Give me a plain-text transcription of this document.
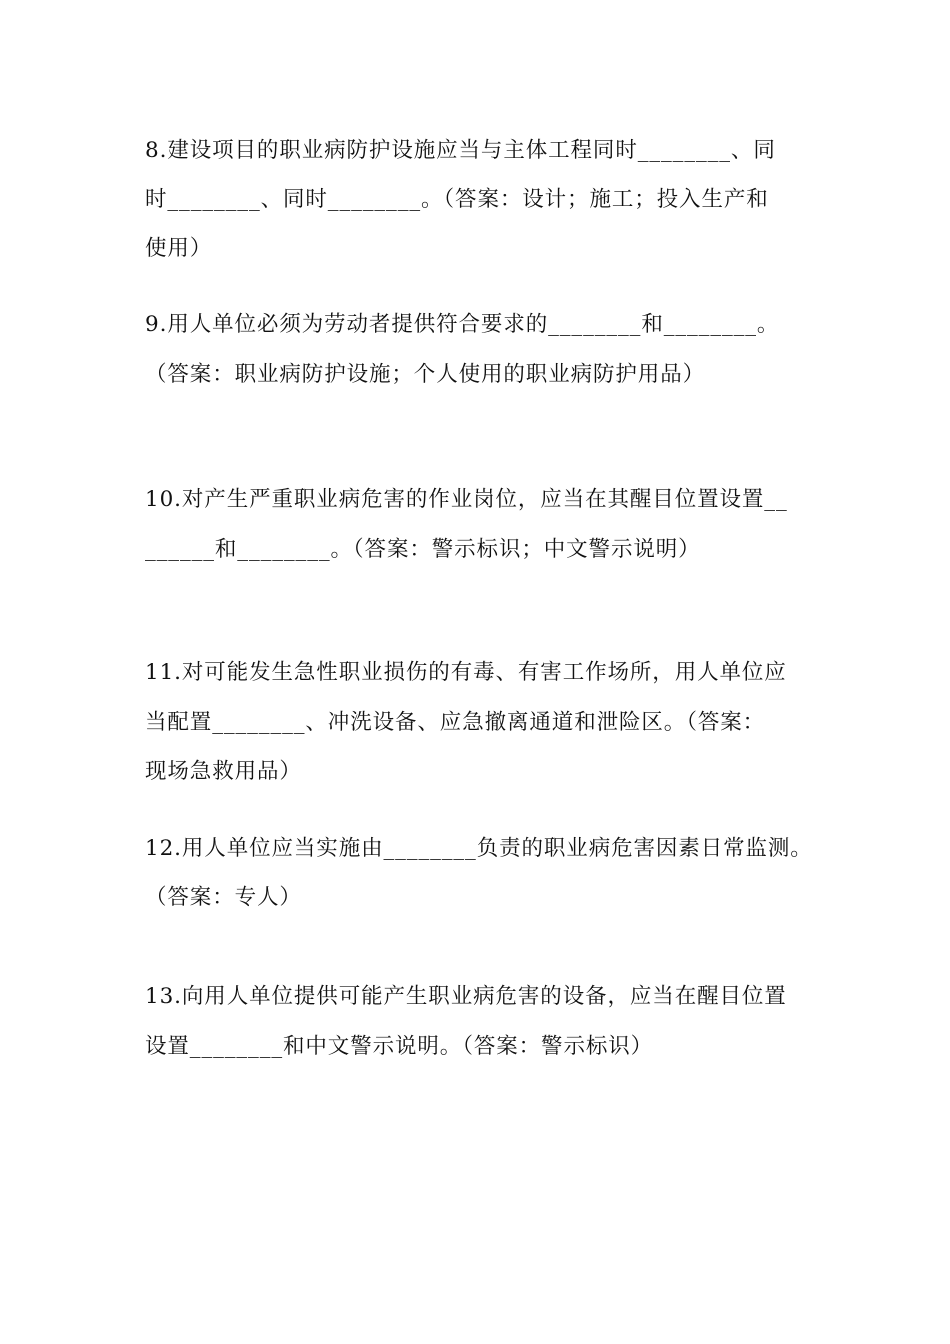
8.建设项目的职业病防护设施应当与主体工程同时________、同
时________、同时________。（答案：设计；施工；投入生产和
使用）
9.用人单位必须为劳动者提供符合要求的________和________。
（答案：职业病防护设施；个人使用的职业病防护用品）
10.对产生严重职业病危害的作业岗位，应当在其醒目位置设置__
______和________。（答案：警示标识；中文警示说明）
11.对可能发生急性职业损伤的有毒、有害工作场所，用人单位应
当配置________、冲洗设备、应急撤离通道和泄险区。（答案：
现场急救用品）
12.用人单位应当实施由________负责的职业病危害因素日常监测。
（答案：专人）
13.向用人单位提供可能产生职业病危害的设备，应当在醒目位置
设置________和中文警示说明。（答案：警示标识）
